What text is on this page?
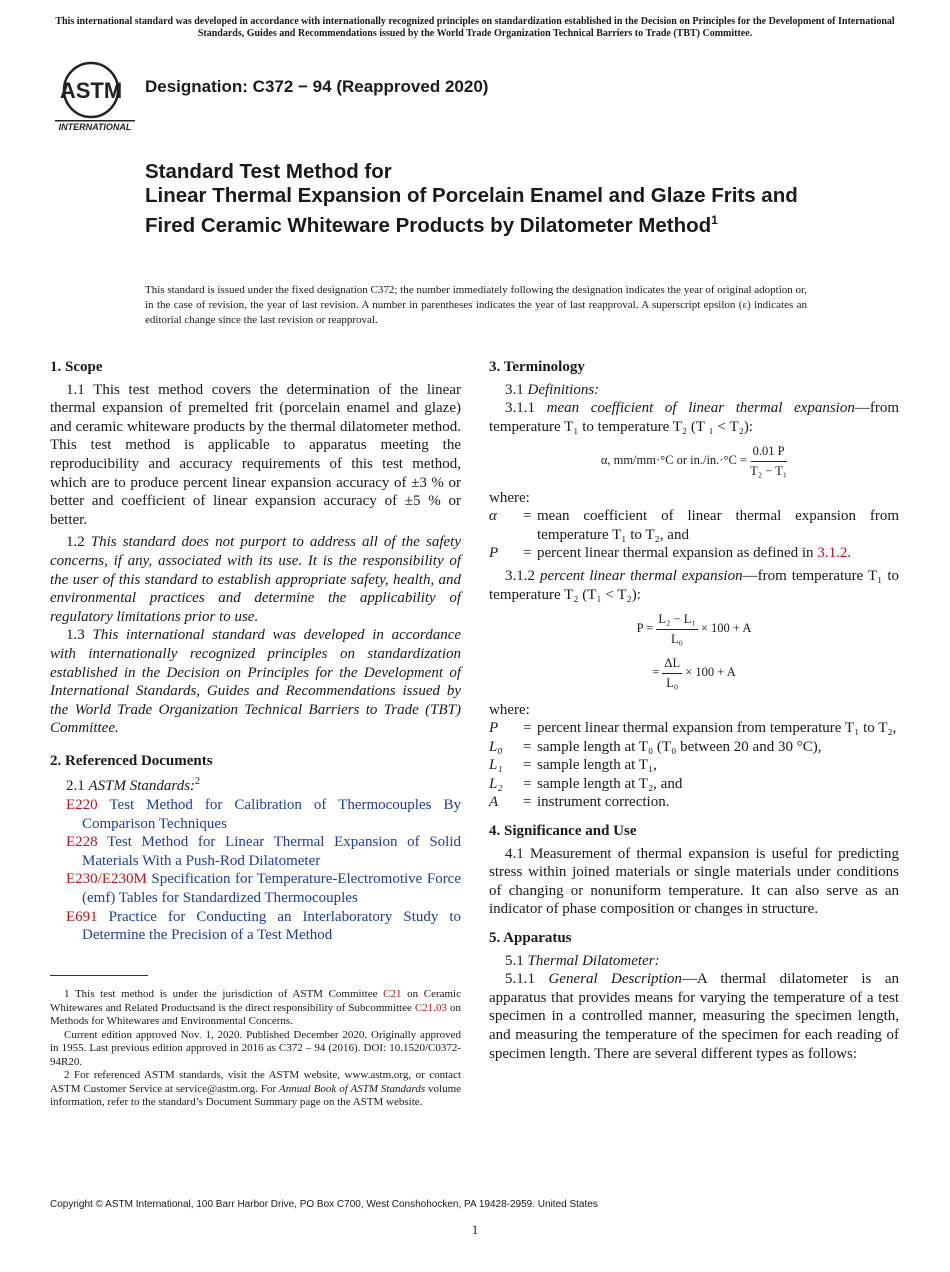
This international standard was developed in accordance with internationally recognized principles on standardization established in the Decision on Principles for the Development of International Standards, Guides and Recommendations issued by the World Trade Organization Technical Barriers to Trade (TBT) Committee.
ASTM
INTERNATIONAL
Designation: C372 − 94 (Reapproved 2020)
Standard Test Method for
Linear Thermal Expansion of Porcelain Enamel and Glaze Frits and Fired Ceramic Whiteware Products by Dilatometer Method$^1$
This standard is issued under the fixed designation C372; the number immediately following the designation indicates the year of original adoption or, in the case of revision, the year of last revision. A number in parentheses indicates the year of last reapproval. A superscript epsilon (ε) indicates an editorial change since the last revision or reapproval.
1. Scope

1.1 This test method covers the determination of the linear thermal expansion of premelted frit (porcelain enamel and glaze) and ceramic whiteware products by the thermal dilatometer method. This test method is applicable to apparatus meeting the reproducibility and accuracy requirements of this test method, which are to produce percent linear expansion accuracy of ±3 % or better and coefficient of linear expansion accuracy of ±5 % or better.

1.2 This standard does not purport to address all of the safety concerns, if any, associated with its use. It is the responsibility of the user of this standard to establish appropriate safety, health, and environmental practices and determine the applicability of regulatory limitations prior to use.

1.3 This international standard was developed in accordance with internationally recognized principles on standardization established in the Decision on Principles for the Development of International Standards, Guides and Recommendations issued by the World Trade Organization Technical Barriers to Trade (TBT) Committee.

2. Referenced Documents

2.1 ASTM Standards:$^2$

E220 Test Method for Calibration of Thermocouples By Comparison Techniques

E228 Test Method for Linear Thermal Expansion of Solid Materials With a Push-Rod Dilatometer

E230/E230M Specification for Temperature-Electromotive Force (emf) Tables for Standardized Thermocouples

E691 Practice for Conducting an Interlaboratory Study to Determine the Precision of a Test Method

1 This test method is under the jurisdiction of ASTM Committee C21 on Ceramic Whitewares and Related Productsand is the direct responsibility of Subcommittee C21.03 on Methods for Whitewares and Environmental Concerns.

Current edition approved Nov. 1, 2020. Published December 2020. Originally approved in 1955. Last previous edition approved in 2016 as C372 – 94 (2016). DOI: 10.1520/C0372-94R20.

2 For referenced ASTM standards, visit the ASTM website, www.astm.org, or contact ASTM Customer Service at service@astm.org. For Annual Book of ASTM Standards volume information, refer to the standard’s Document Summary page on the ASTM website.

3. Terminology

3.1 Definitions:

3.1.1 mean coefficient of linear thermal expansion—from temperature T₁ to temperature T₂ (T ₁ < T₂):

α, mm/mm·°C or $in./in.\cdot^\circ C = \frac{0.01 P}{\text{T₂ − T₁}}$
where:
α	= mean coefficient of linear thermal expansion from temperature T₁ to T₂, and
P	= percent linear thermal expansion as defined in 3.1.2.

3.1.2 percent linear thermal expansion—from temperature T₁ to temperature T₂ (T₁ < T₂):

$P = \frac{\text{L₂ − L₁}}{\text{L₀}} \times 100 + A$
= $\frac{\Delta L}{\text{L₀}} \times 100 + A$
where:
P	= percent linear thermal expansion from temperature T₁ to T₂,
L₀	= sample length at T₀ (T₀ between 20 and 30 °C),
L₁	= sample length at T₁,
L₂	= sample length at T₂, and
A	= instrument correction.
4. Significance and Use

4.1 Measurement of thermal expansion is useful for predicting stress within joined materials or single materials under conditions of changing or nonuniform temperature. It can also serve as an indicator of phase composition or changes in structure.

5. Apparatus

5.1 Thermal Dilatometer:

5.1.1 General Description—A thermal dilatometer is an apparatus that provides means for varying the temperature of a test specimen in a controlled manner, measuring the specimen length, and measuring the temperature of the specimen for each reading of specimen length. There are several different types as follows:

Copyright © ASTM International, 100 Barr Harbor Drive, PO Box C700, West Conshohocken, PA 19428-2959. United States
1
